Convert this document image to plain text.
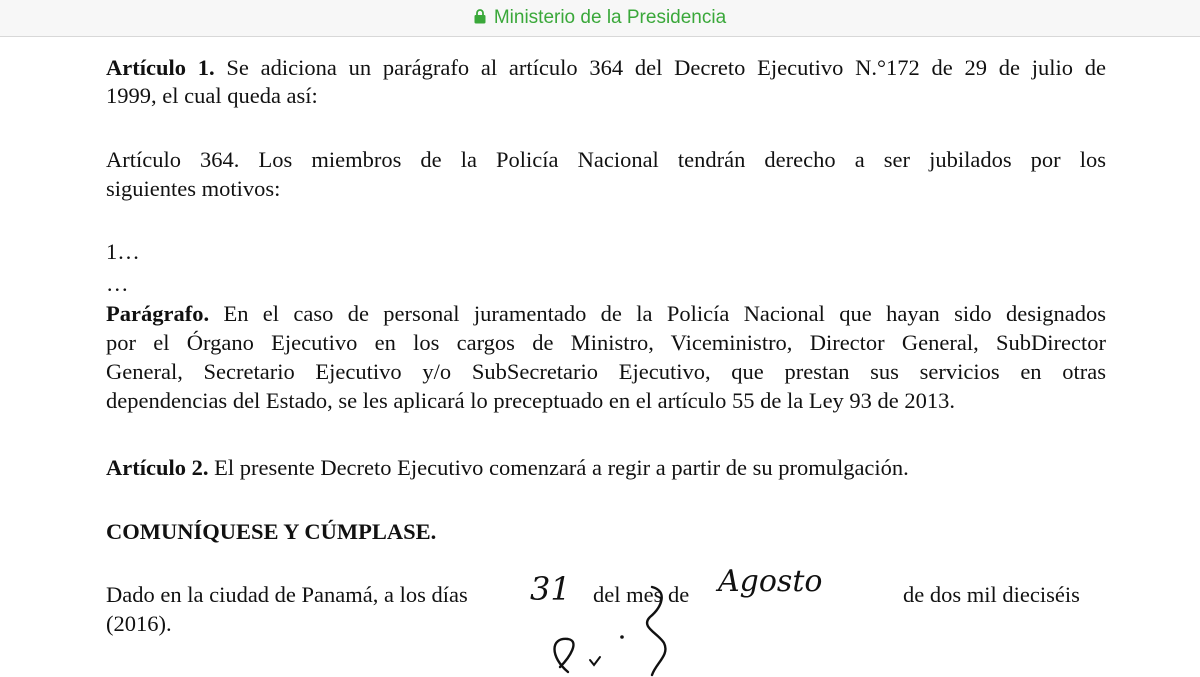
Ministerio de la Presidencia
Artículo 1. Se adiciona un parágrafo al artículo 364 del Decreto Ejecutivo N.°172 de 29 de julio de
1999, el cual queda así:
Artículo 364. Los miembros de la Policía Nacional tendrán derecho a ser jubilados por los
siguientes motivos:
1…
…
Parágrafo. En el caso de personal juramentado de la Policía Nacional que hayan sido designados
por el Órgano Ejecutivo en los cargos de Ministro, Viceministro, Director General, SubDirector
General, Secretario Ejecutivo y/o SubSecretario Ejecutivo, que prestan sus servicios en otras
dependencias del Estado, se les aplicará lo preceptuado en el artículo 55 de la Ley 93 de 2013.
Artículo 2. El presente Decreto Ejecutivo comenzará a regir a partir de su promulgación.
COMUNÍQUESE Y CÚMPLASE.
Dado en la ciudad de Panamá, a los días 31 del mes de Agosto	de dos mil dieciséis
(2016).
